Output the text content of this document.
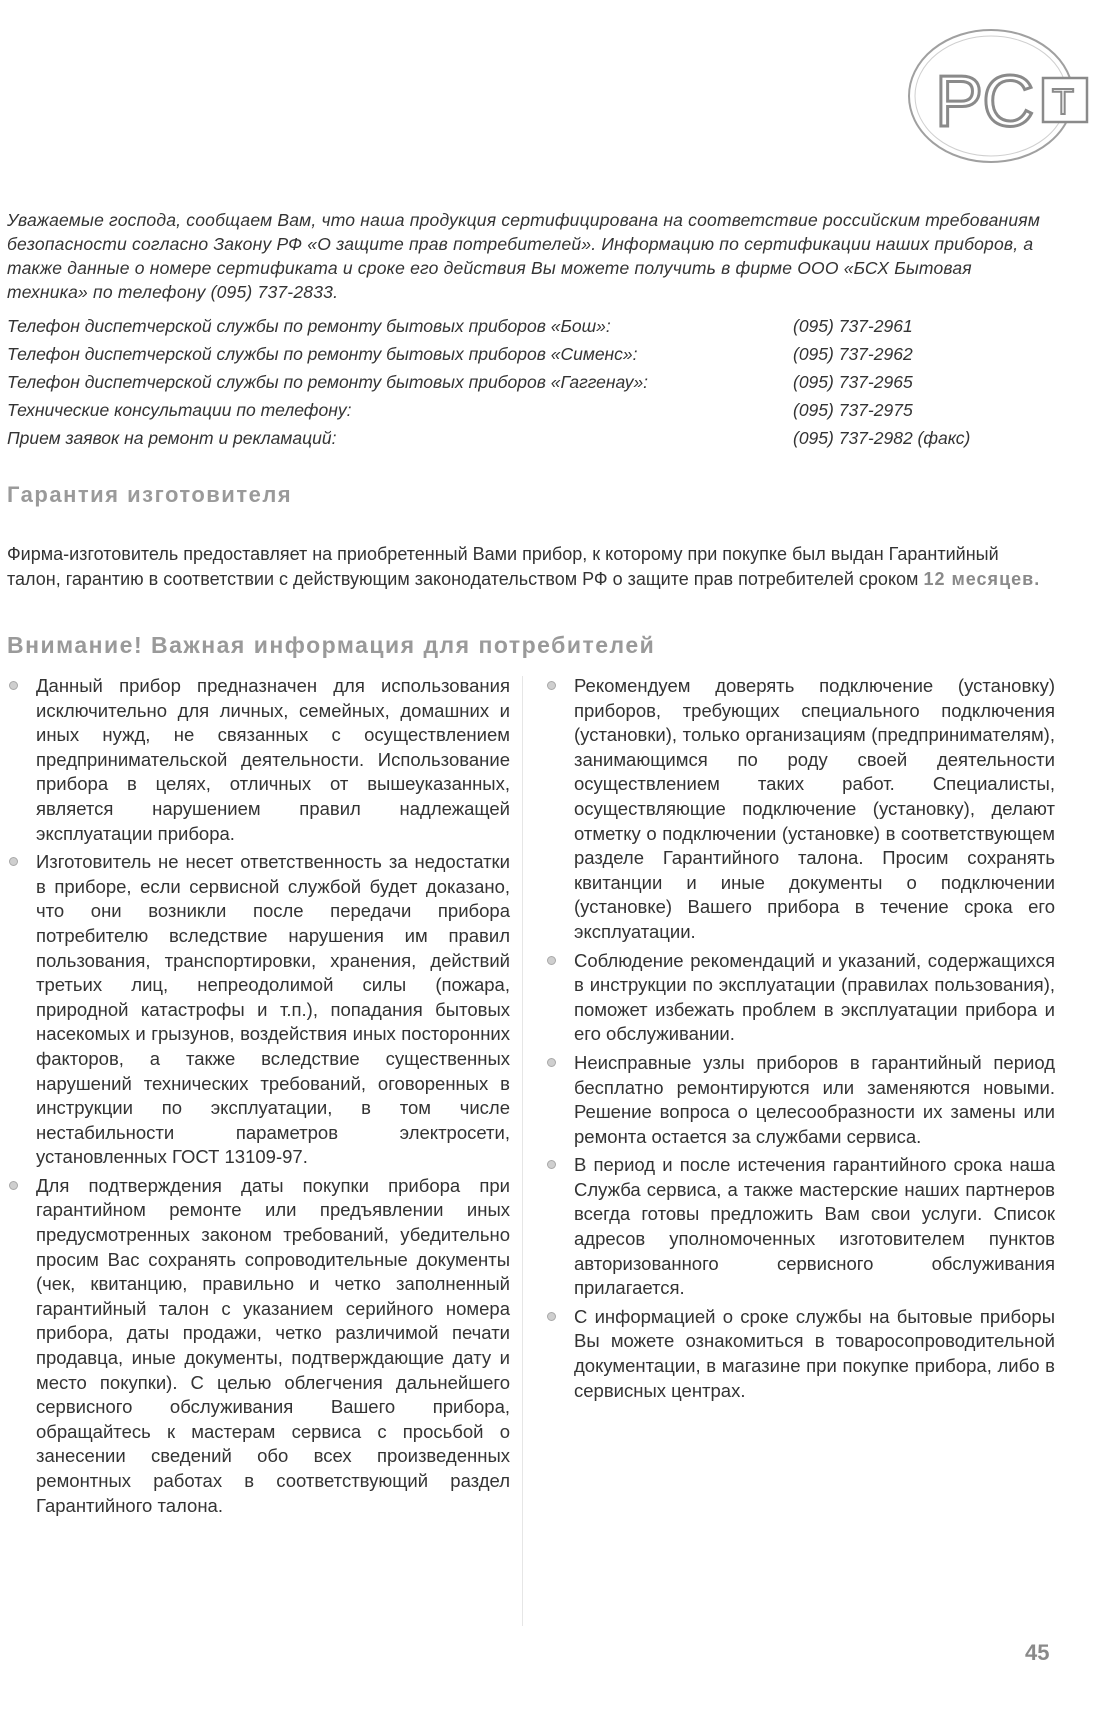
РС Т

Уважаемые господа, сообщаем Вам, что наша продукция сертифицирована на соответствие российским требованиям безопасности согласно Закону РФ «О защите прав потребителей». Информацию по сертификации наших приборов, а также данные о номере сертификата и сроке его действия Вы можете получить в фирме ООО «БСХ Бытовая техника» по телефону (095) 737-2833.

Телефон диспетчерской службы по ремонту бытовых приборов «Бош»:	(095) 737-2961
Телефон диспетчерской службы по ремонту бытовых приборов «Сименс»:	(095) 737-2962
Телефон диспетчерской службы по ремонту бытовых приборов «Гаггенау»:	(095) 737-2965
Технические консультации по телефону:	(095) 737-2975
Прием заявок на ремонт и рекламаций:	(095) 737-2982 (факс)
Гарантия изготовителя

Фирма-изготовитель предоставляет на приобретенный Вами прибор, к которому при покупке был выдан Гарантийный талон, гарантию в соответствии с действующим законодательством РФ о защите прав потребителей сроком 12 месяцев.

Внимание! Важная информация для потребителей
Данный прибор предназначен для использования исключительно для личных, семейных, домашних и иных нужд, не связанных с осуществлением предпринимательской деятельности. Использование прибора в целях, отличных от вышеуказанных, является нарушением правил надлежащей эксплуатации прибора.
Изготовитель не несет ответственность за недостатки в приборе, если сервисной службой будет доказано, что они возникли после передачи прибора потребителю вследствие нарушения им правил пользования, транспортировки, хранения, действий третьих лиц, непреодолимой силы (пожара, природной катастрофы и т.п.), попадания бытовых насекомых и грызунов, воздействия иных посторонних факторов, а также вследствие существенных нарушений технических требований, оговоренных в инструкции по эксплуатации, в том числе нестабильности параметров электросети, установленных ГОСТ 13109-97.
Для подтверждения даты покупки прибора при гарантийном ремонте или предъявлении иных предусмотренных законом требований, убедительно просим Вас сохранять сопроводительные документы (чек, квитанцию, правильно и четко заполненный гарантийный талон с указанием серийного номера прибора, даты продажи, четко различимой печати продавца, иные документы, подтверждающие дату и место покупки). С целью облегчения дальнейшего сервисного обслуживания Вашего прибора, обращайтесь к мастерам сервиса с просьбой о занесении сведений обо всех произведенных ремонтных работах в соответствующий раздел Гарантийного талона.
Рекомендуем доверять подключение (установку) приборов, требующих специального подключения (установки), только организациям (предпринимателям), занимающимся по роду своей деятельности осуществлением таких работ. Специалисты, осуществляющие подключение (установку), делают отметку о подключении (установке) в соответствующем разделе Гарантийного талона. Просим сохранять квитанции и иные документы о подключении (установке) Вашего прибора в течение срока его эксплуатации.
Соблюдение рекомендаций и указаний, содержащихся в инструкции по эксплуатации (правилах пользования), поможет избежать проблем в эксплуатации прибора и его обслуживании.
Неисправные узлы приборов в гарантийный период бесплатно ремонтируются или заменяются новыми. Решение вопроса о целесообразности их замены или ремонта остается за службами сервиса.
В период и после истечения гарантийного срока наша Служба сервиса, а также мастерские наших партнеров всегда готовы предложить Вам свои услуги. Список адресов уполномоченных изготовителем пунктов авторизованного сервисного обслуживания прилагается.
С информацией о сроке службы на бытовые приборы Вы можете ознакомиться в товаросопроводительной документации, в магазине при покупке прибора, либо в сервисных центрах.
45
